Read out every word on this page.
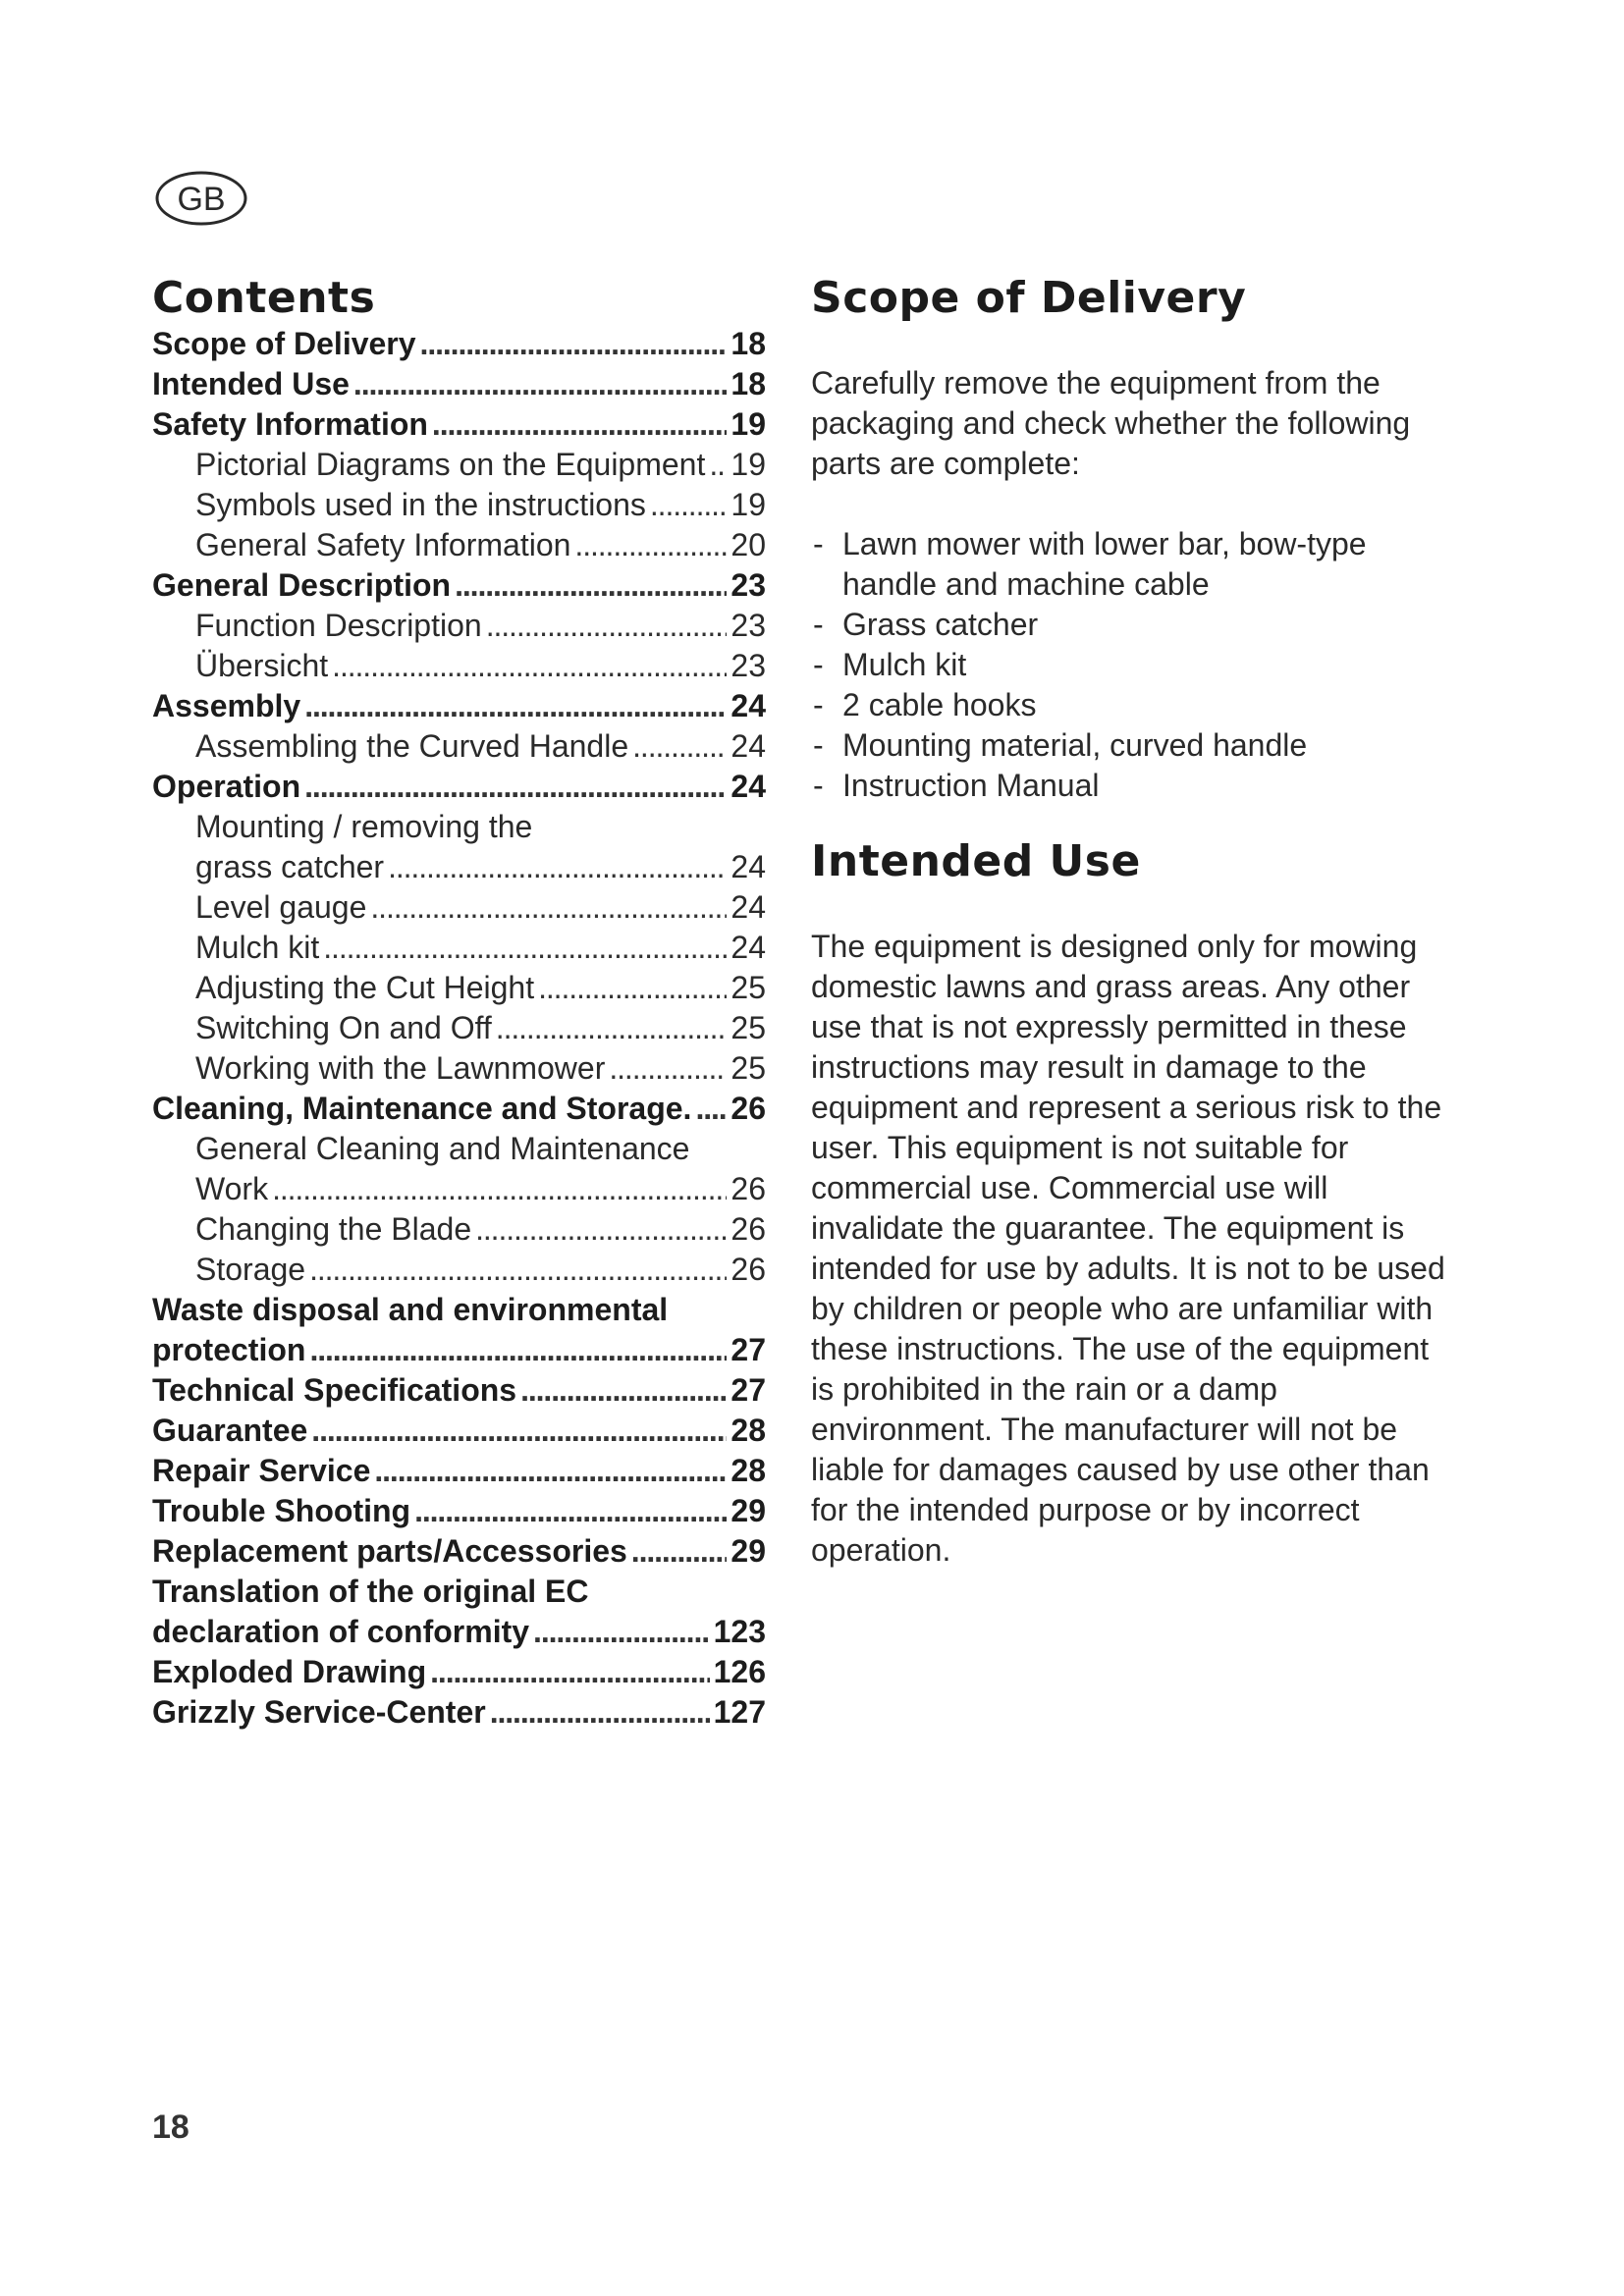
GB
Contents
Scope of Delivery . . .	18
Intended Use . . .	18
Safety Information . . .	19
Pictorial Diagrams on the Equipment . . . 19
Symbols used in the instructions . . .	19
General Safety Information . . .	20
General Description . . .	23
Function Description . . .	23
Übersicht . . .	23
Assembly . . .	24
Assembling the Curved Handle . . .	24
Operation . . .	24
Mounting / removing the
grass catcher . . .	24
Level gauge . . .	24
Mulch kit . . .	24
Adjusting the Cut Height . . .	25
Switching On and Off . . .	25
Working with the Lawnmower . . .	25
Cleaning, Maintenance and Storage. . . . 26
General Cleaning and Maintenance
Work . . .	26
Changing the Blade . . .	26
Storage . . .	26
Waste disposal and environmental
protection . . .	27
Technical Specifications . . .	27
Guarantee . . .	28
Repair Service . . .	28
Trouble Shooting . . .	29
Replacement parts/Accessories . . .	29
Translation of the original EC
declaration of conformity . . .	123
Exploded Drawing . . .	126
Grizzly Service-Center . . .	127
Scope of Delivery

Carefully remove the equipment from the packaging and check whether the following parts are complete:

- Lawn mower with lower bar, bow-type handle and machine cable
- Grass catcher
- Mulch kit
- 2 cable hooks
- Mounting material, curved handle
- Instruction Manual
Intended Use

The equipment is designed only for mowing domestic lawns and grass areas. Any other use that is not expressly permitted in these instructions may result in damage to the equipment and represent a serious risk to the user. This equipment is not suitable for commercial use. Commercial use will invalidate the guarantee. The equipment is intended for use by adults. It is not to be used by children or people who are unfamiliar with these instructions. The use of the equipment is prohibited in the rain or a damp environment. The manufacturer will not be liable for damages caused by use other than for the intended purpose or by incorrect operation.

18
